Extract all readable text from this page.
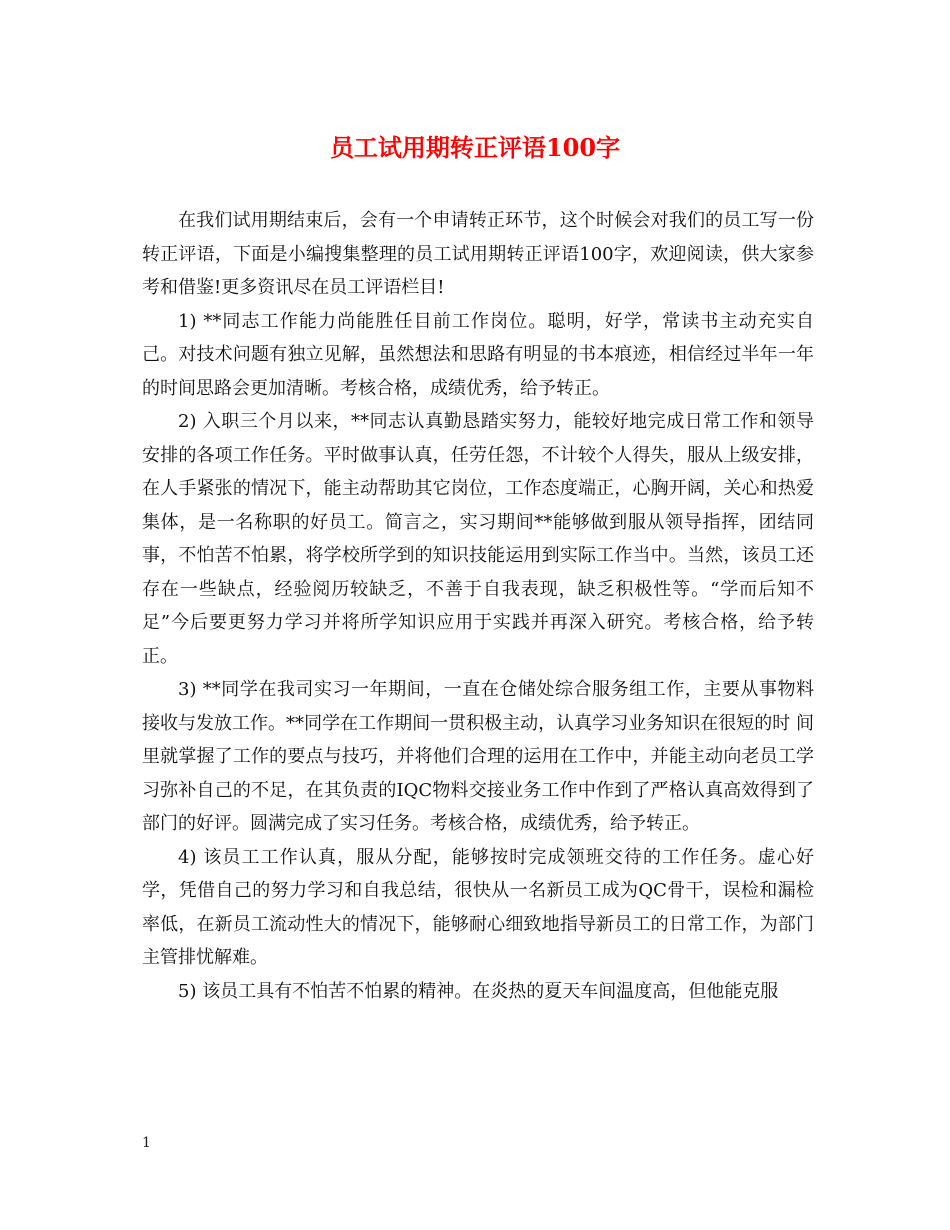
员工试用期转正评语100字

在我们试用期结束后，会有一个申请转正环节，这个时候会对我们的员工写一份转正评语，下面是小编搜集整理的员工试用期转正评语100字，欢迎阅读，供大家参考和借鉴!更多资讯尽在员工评语栏目!

1) **同志工作能力尚能胜任目前工作岗位。聪明，好学，常读书主动充实自己。对技术问题有独立见解，虽然想法和思路有明显的书本痕迹，相信经过半年一年的时间思路会更加清晰。考核合格，成绩优秀，给予转正。

2) 入职三个月以来，**同志认真勤恳踏实努力，能较好地完成日常工作和领导安排的各项工作任务。平时做事认真，任劳任怨，不计较个人得失，服从上级安排，在人手紧张的情况下，能主动帮助其它岗位，工作态度端正，心胸开阔，关心和热爱集体，是一名称职的好员工。简言之，实习期间**能够做到服从领导指挥，团结同事，不怕苦不怕累，将学校所学到的知识技能运用到实际工作当中。当然，该员工还存在一些缺点，经验阅历较缺乏，不善于自我表现，缺乏积极性等。“学而后知不足”今后要更努力学习并将所学知识应用于实践并再深入研究。考核合格，给予转正。

3) **同学在我司实习一年期间，一直在仓储处综合服务组工作，主要从事物料接收与发放工作。**同学在工作期间一贯积极主动，认真学习业务知识在很短的时 间里就掌握了工作的要点与技巧，并将他们合理的运用在工作中，并能主动向老员工学习弥补自己的不足，在其负责的IQC物料交接业务工作中作到了严格认真高效得到了部门的好评。圆满完成了实习任务。考核合格，成绩优秀，给予转正。

4) 该员工工作认真，服从分配，能够按时完成领班交待的工作任务。虚心好学，凭借自己的努力学习和自我总结，很快从一名新员工成为QC骨干，误检和漏检率低，在新员工流动性大的情况下，能够耐心细致地指导新员工的日常工作，为部门主管排忧解难。

5) 该员工具有不怕苦不怕累的精神。在炎热的夏天车间温度高，但他能克服

1
